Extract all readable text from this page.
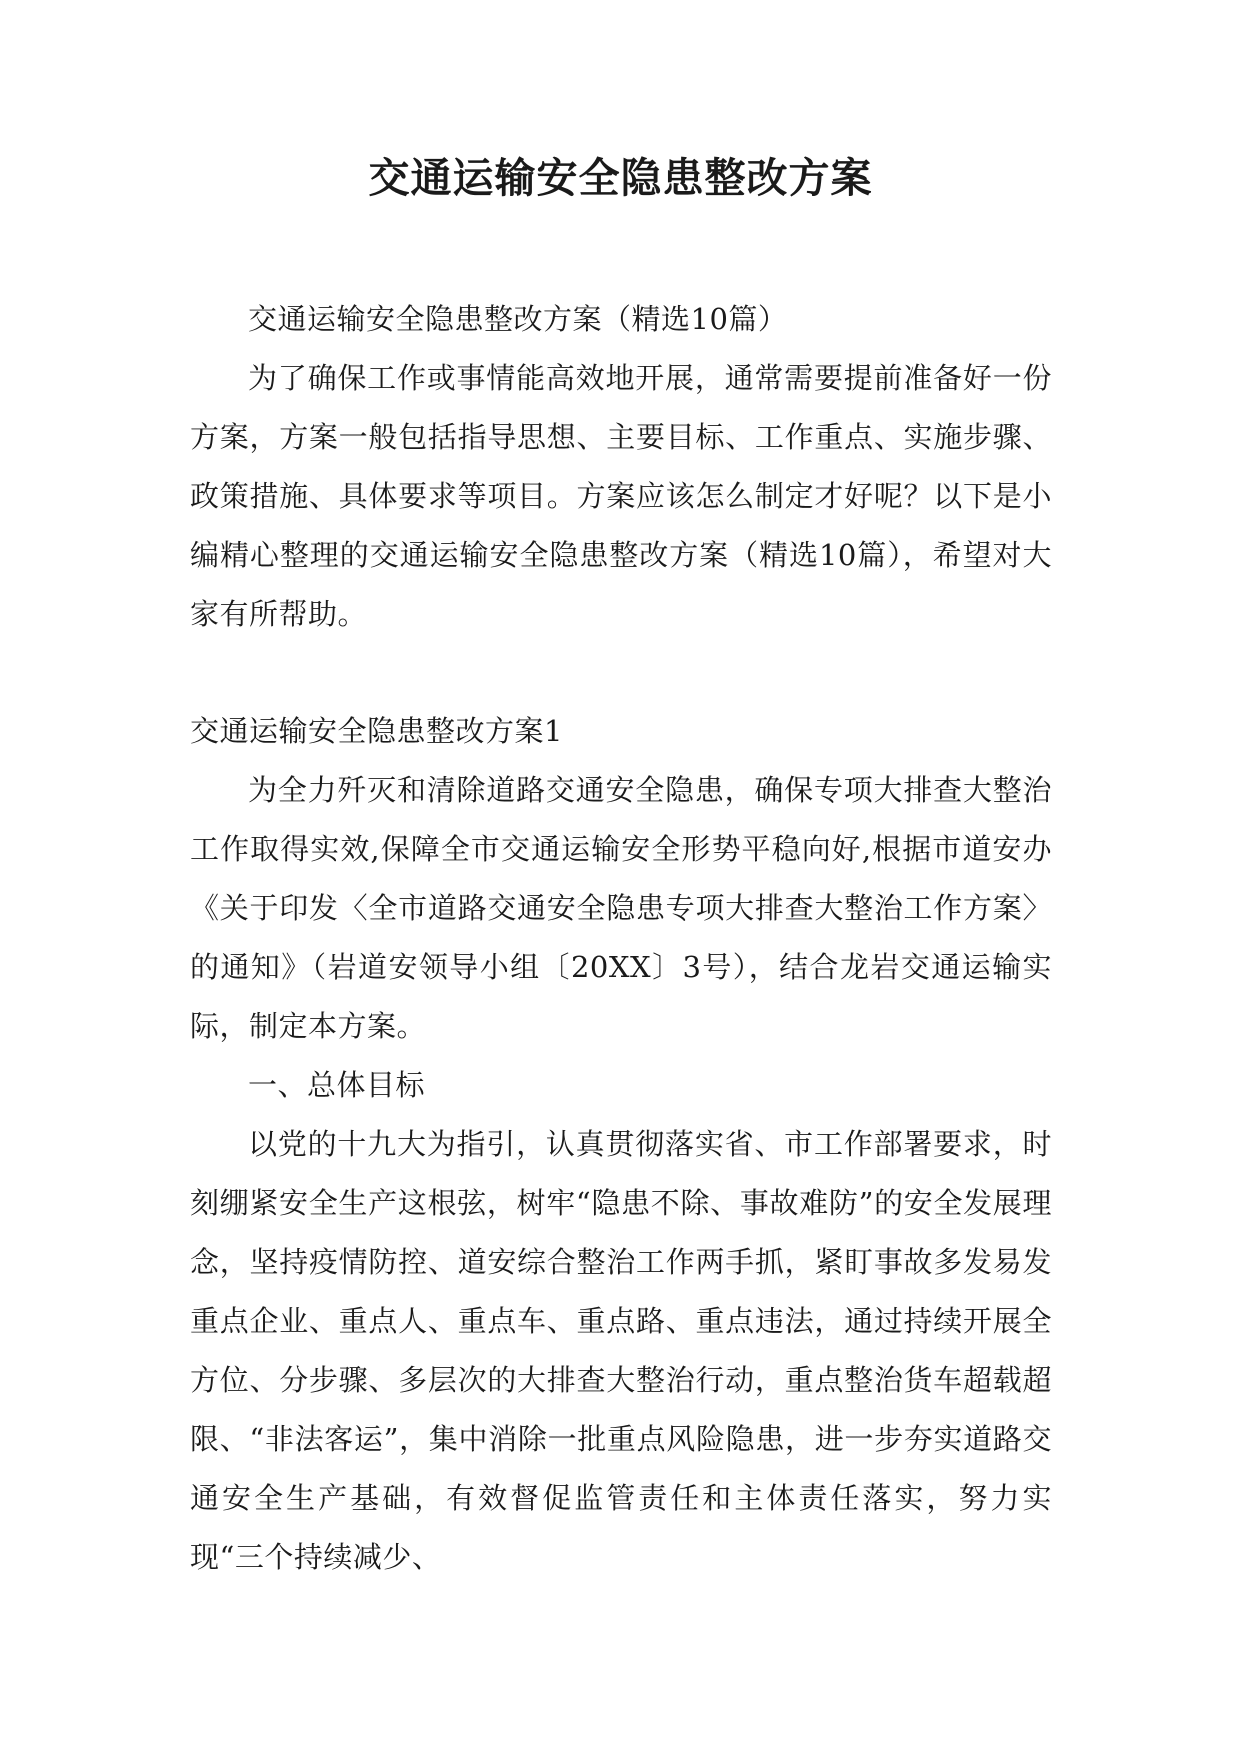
交通运输安全隐患整改方案

交通运输安全隐患整改方案（精选10篇）

为了确保工作或事情能高效地开展，通常需要提前准备好一份方案，方案一般包括指导思想、主要目标、工作重点、实施步骤、政策措施、具体要求等项目。方案应该怎么制定才好呢？以下是小编精心整理的交通运输安全隐患整改方案（精选10篇），希望对大家有所帮助。

交通运输安全隐患整改方案1

为全力歼灭和清除道路交通安全隐患，确保专项大排查大整治工作取得实效,保障全市交通运输安全形势平稳向好,根据市道安办《关于印发〈全市道路交通安全隐患专项大排查大整治工作方案〉的通知》（岩道安领导小组〔20XX〕3号），结合龙岩交通运输实际，制定本方案。

一、总体目标

以党的十九大为指引，认真贯彻落实省、市工作部署要求，时刻绷紧安全生产这根弦，树牢“隐患不除、事故难防”的安全发展理念，坚持疫情防控、道安综合整治工作两手抓，紧盯事故多发易发重点企业、重点人、重点车、重点路、重点违法，通过持续开展全方位、分步骤、多层次的大排查大整治行动，重点整治货车超载超限、“非法客运”，集中消除一批重点风险隐患，进一步夯实道路交通安全生产基础，有效督促监管责任和主体责任落实，努力实现“三个持续减少、
